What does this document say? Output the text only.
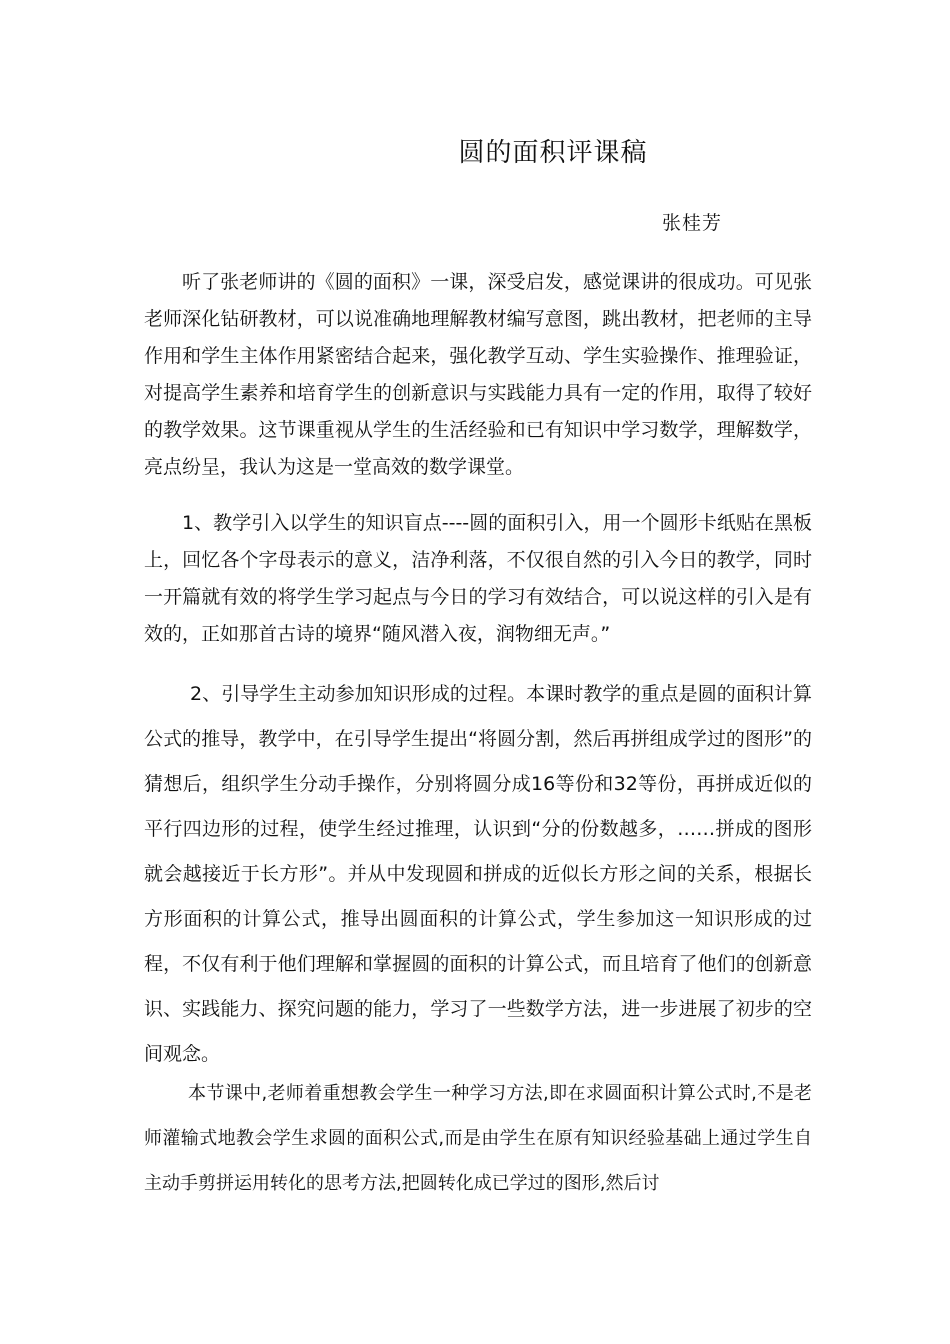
圆的面积评课稿
张桂芳

听了张老师讲的《圆的面积》一课，深受启发，感觉课讲的很成功。可见张老师深化钻研教材，可以说准确地理解教材编写意图，跳出教材，把老师的主导作用和学生主体作用紧密结合起来，强化教学互动、学生实验操作、推理验证，对提高学生素养和培育学生的创新意识与实践能力具有一定的作用，取得了较好的教学效果。这节课重视从学生的生活经验和已有知识中学习数学，理解数学，亮点纷呈，我认为这是一堂高效的数学课堂。

1、教学引入以学生的知识盲点----圆的面积引入，用一个圆形卡纸贴在黑板上，回忆各个字母表示的意义，洁净利落，不仅很自然的引入今日的教学，同时一开篇就有效的将学生学习起点与今日的学习有效结合，可以说这样的引入是有效的，正如那首古诗的境界“随风潜入夜，润物细无声。”

2、引导学生主动参加知识形成的过程。本课时教学的重点是圆的面积计算公式的推导，教学中，在引导学生提出“将圆分割，然后再拼组成学过的图形”的猜想后，组织学生分动手操作，分别将圆分成16等份和32等份，再拼成近似的平行四边形的过程，使学生经过推理，认识到“分的份数越多，……拼成的图形就会越接近于长方形”。并从中发现圆和拼成的近似长方形之间的关系，根据长方形面积的计算公式，推导出圆面积的计算公式，学生参加这一知识形成的过程，不仅有利于他们理解和掌握圆的面积的计算公式，而且培育了他们的创新意识、实践能力、探究问题的能力，学习了一些数学方法，进一步进展了初步的空间观念。

本节课中,老师着重想教会学生一种学习方法,即在求圆面积计算公式时,不是老师灌输式地教会学生求圆的面积公式,而是由学生在原有知识经验基础上通过学生自主动手剪拼运用转化的思考方法,把圆转化成已学过的图形,然后讨
